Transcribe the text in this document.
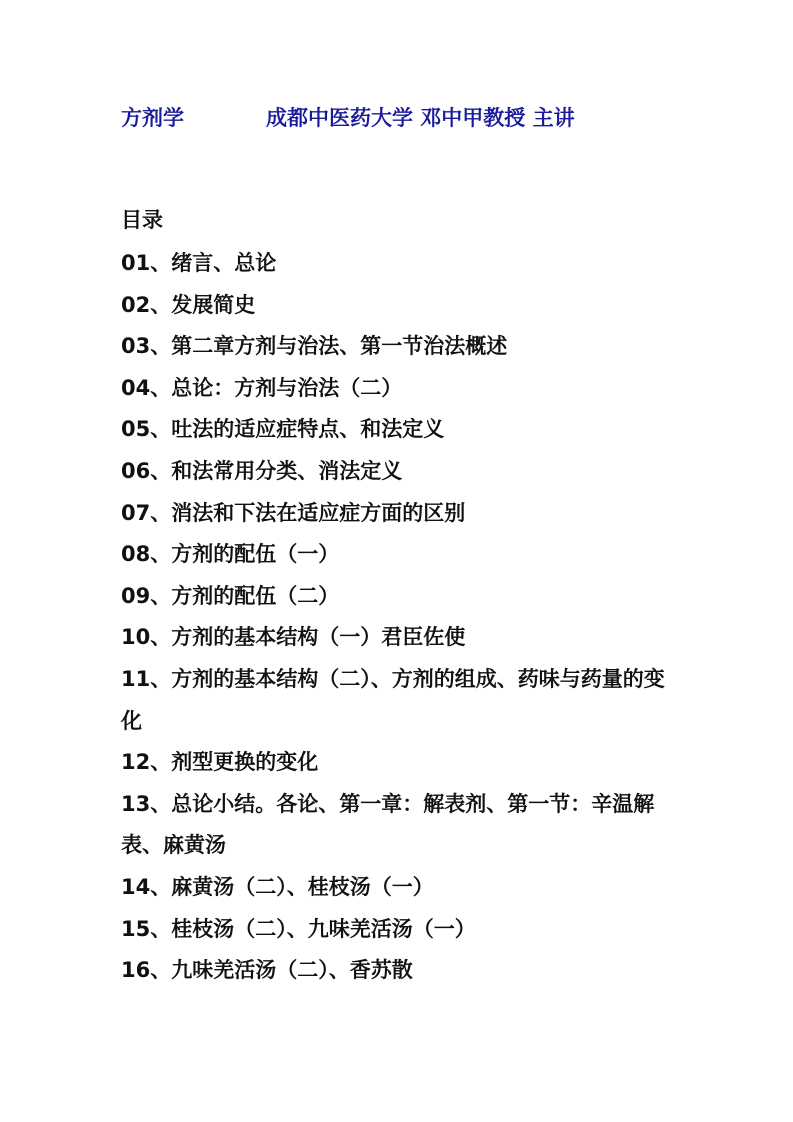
方剂学	成都中医药大学 邓中甲教授 主讲
目录
01、绪言、总论
02、发展简史
03、第二章方剂与治法、第一节治法概述
04、总论：方剂与治法（二）
05、吐法的适应症特点、和法定义
06、和法常用分类、消法定义
07、消法和下法在适应症方面的区别
08、方剂的配伍（一）
09、方剂的配伍（二）
10、方剂的基本结构（一）君臣佐使
11、方剂的基本结构（二）、方剂的组成、药味与药量的变化
12、剂型更换的变化
13、总论小结。各论、第一章：解表剂、第一节：辛温解表、麻黄汤
14、麻黄汤（二）、桂枝汤（一）
15、桂枝汤（二）、九味羌活汤（一）
16、九味羌活汤（二）、香苏散
